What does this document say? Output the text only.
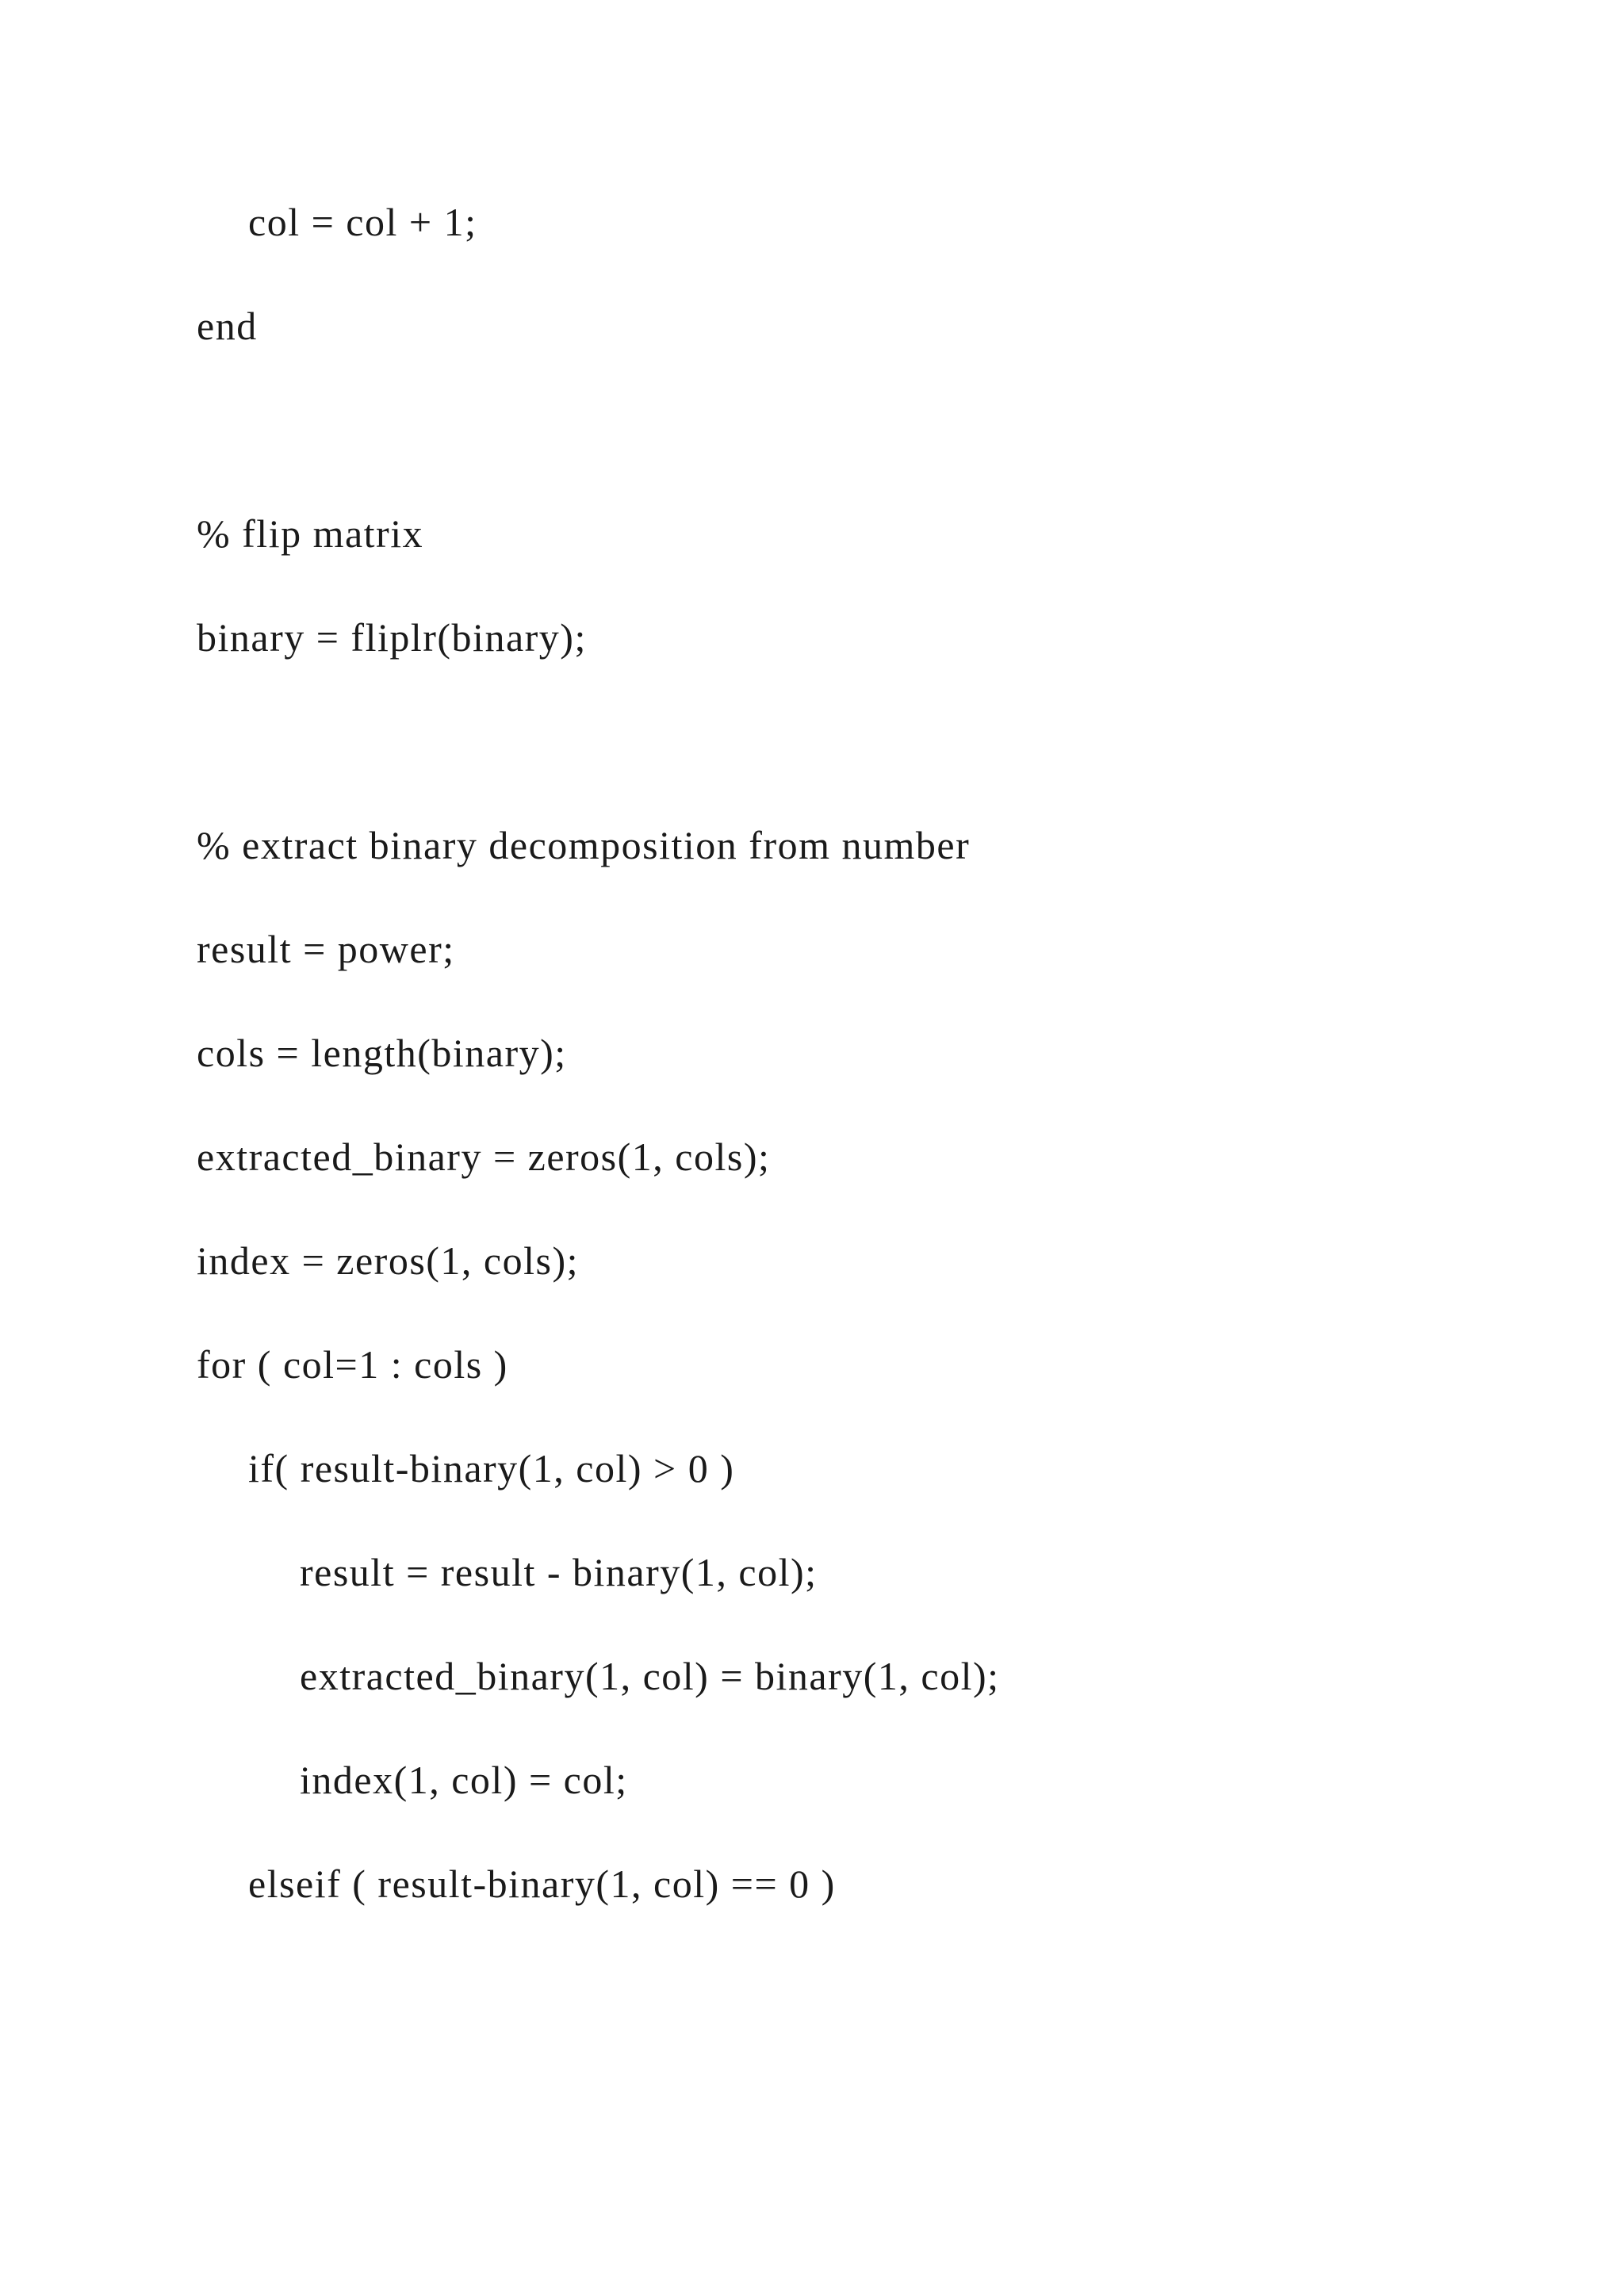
col = col + 1;

end

% flip matrix

binary = fliplr(binary);

% extract binary decomposition from number

result = power;

cols = length(binary);

extracted_binary = zeros(1, cols);

index = zeros(1, cols);

for ( col=1 : cols )

if( result-binary(1, col) > 0 )

result = result - binary(1, col);

extracted_binary(1, col) = binary(1, col);

index(1, col) = col;

elseif ( result-binary(1, col) == 0 )
